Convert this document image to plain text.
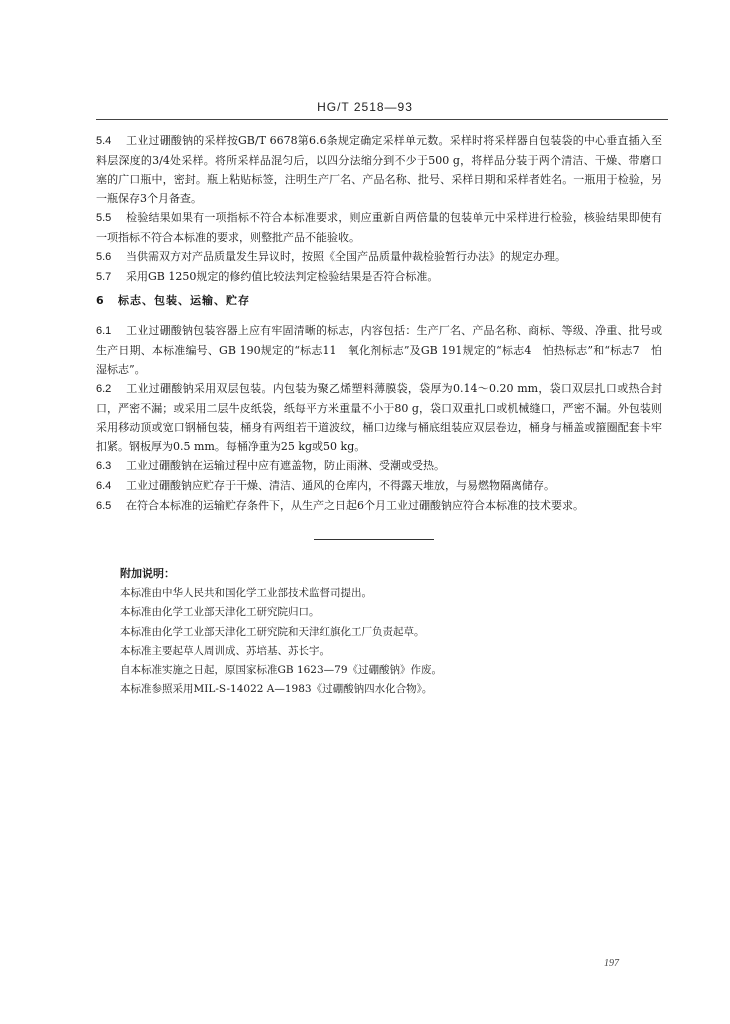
HG/T 2518—93

5.4 工业过硼酸钠的采样按GB/T 6678第6.6条规定确定采样单元数。采样时将采样器自包装袋的中心垂直插入至料层深度的3/4处采样。将所采样品混匀后，以四分法缩分到不少于500 g，将样品分装于两个清洁、干燥、带磨口塞的广口瓶中，密封。瓶上粘贴标签，注明生产厂名、产品名称、批号、采样日期和采样者姓名。一瓶用于检验，另一瓶保存3个月备查。

5.5 检验结果如果有一项指标不符合本标准要求，则应重新自两倍量的包装单元中采样进行检验，核验结果即使有一项指标不符合本标准的要求，则整批产品不能验收。

5.6 当供需双方对产品质量发生异议时，按照《全国产品质量仲裁检验暂行办法》的规定办理。

5.7 采用GB 1250规定的修约值比较法判定检验结果是否符合标准。

6 标志、包装、运输、贮存

6.1 工业过硼酸钠包装容器上应有牢固清晰的标志，内容包括：生产厂名、产品名称、商标、等级、净重、批号或生产日期、本标准编号、GB 190规定的“标志11　氧化剂标志”及GB 191规定的“标志4　怕热标志”和“标志7　怕湿标志”。

6.2 工业过硼酸钠采用双层包装。内包装为聚乙烯塑料薄膜袋，袋厚为0.14～0.20 mm，袋口双层扎口或热合封口，严密不漏；或采用二层牛皮纸袋，纸每平方米重量不小于80 g，袋口双重扎口或机械缝口，严密不漏。外包装则采用移动顶或宽口钢桶包装，桶身有两组若干道波纹，桶口边缘与桶底组装应双层卷边，桶身与桶盖或箍圈配套卡牢扣紧。钢板厚为0.5 mm。每桶净重为25 kg或50 kg。

6.3 工业过硼酸钠在运输过程中应有遮盖物，防止雨淋、受潮或受热。

6.4 工业过硼酸钠应贮存于干燥、清洁、通风的仓库内，不得露天堆放，与易燃物隔离储存。

6.5 在符合本标准的运输贮存条件下，从生产之日起6个月工业过硼酸钠应符合本标准的技术要求。

附加说明：

本标准由中华人民共和国化学工业部技术监督司提出。

本标准由化学工业部天津化工研究院归口。

本标准由化学工业部天津化工研究院和天津红旗化工厂负责起草。

本标准主要起草人周训成、苏培基、苏长宇。

自本标准实施之日起，原国家标准GB 1623—79《过硼酸钠》作废。

本标准参照采用MIL-S-14022 A—1983《过硼酸钠四水化合物》。

197
